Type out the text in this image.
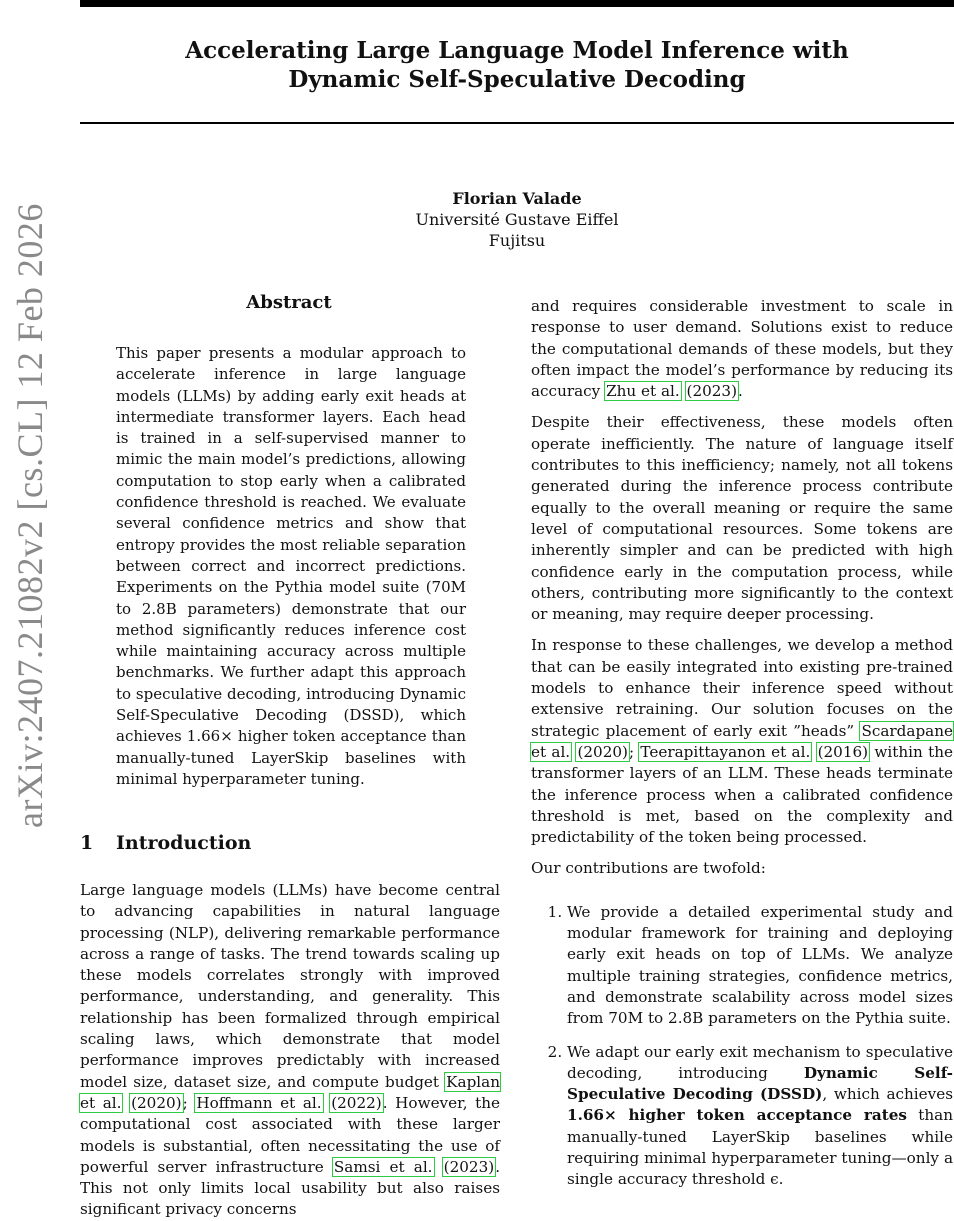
Accelerating Large Language Model Inference with
Dynamic Self-Speculative Decoding
Florian Valade
Université Gustave Eiffel
Fujitsu
arXiv:2407.21082v2 [cs.CL] 12 Feb 2026	Abstract
This paper presents a modular approach to accelerate inference in large language models (LLMs) by adding early exit heads at intermediate transformer layers. Each head is trained in a self-supervised manner to mimic the main model’s predictions, allowing computation to stop early when a calibrated confidence threshold is reached. We evaluate several confidence metrics and show that entropy provides the most reliable separation between correct and incorrect predictions. Experiments on the Pythia model suite (70M to 2.8B parameters) demonstrate that our method significantly reduces inference cost while maintaining accuracy across multiple benchmarks. We further adapt this approach to speculative decoding, introducing Dynamic Self-Speculative Decoding (DSSD), which achieves 1.66× higher token acceptance than manually-tuned LayerSkip baselines with minimal hyperparameter tuning.
1 Introduction
Large language models (LLMs) have become central to advancing capabilities in natural language processing (NLP), delivering remarkable performance across a range of tasks. The trend towards scaling up these models correlates strongly with improved performance, understanding, and generality. This relationship has been formalized through empirical scaling laws, which demonstrate that model performance improves predictably with increased model size, dataset size, and compute budget Kaplan et al. (2020); Hoffmann et al. (2022). However, the computational cost associated with these larger models is substantial, often necessitating the use of powerful server infrastructure Samsi et al. (2023). This not only limits local usability but also raises significant privacy concerns

and requires considerable investment to scale in response to user demand. Solutions exist to reduce the computational demands of these models, but they often impact the model’s performance by reducing its accuracy Zhu et al. (2023).

Despite their effectiveness, these models often operate inefficiently. The nature of language itself contributes to this inefficiency; namely, not all tokens generated during the inference process contribute equally to the overall meaning or require the same level of computational resources. Some tokens are inherently simpler and can be predicted with high confidence early in the computation process, while others, contributing more significantly to the context or meaning, may require deeper processing.

In response to these challenges, we develop a method that can be easily integrated into existing pre-trained models to enhance their inference speed without extensive retraining. Our solution focuses on the strategic placement of early exit ”heads” Scardapane et al. (2020); Teerapittayanon et al. (2016) within the transformer layers of an LLM. These heads terminate the inference process when a calibrated confidence threshold is met, based on the complexity and predictability of the token being processed.

Our contributions are twofold:

1. We provide a detailed experimental study and modular framework for training and deploying early exit heads on top of LLMs. We analyze multiple training strategies, confidence metrics, and demonstrate scalability across model sizes from 70M to 2.8B parameters on the Pythia suite.
2. We adapt our early exit mechanism to speculative decoding, introducing Dynamic Self-Speculative Decoding (DSSD), which achieves 1.66× higher token acceptance rates than manually-tuned LayerSkip baselines while requiring minimal hyperparameter tuning—only a single accuracy threshold ϵ.
